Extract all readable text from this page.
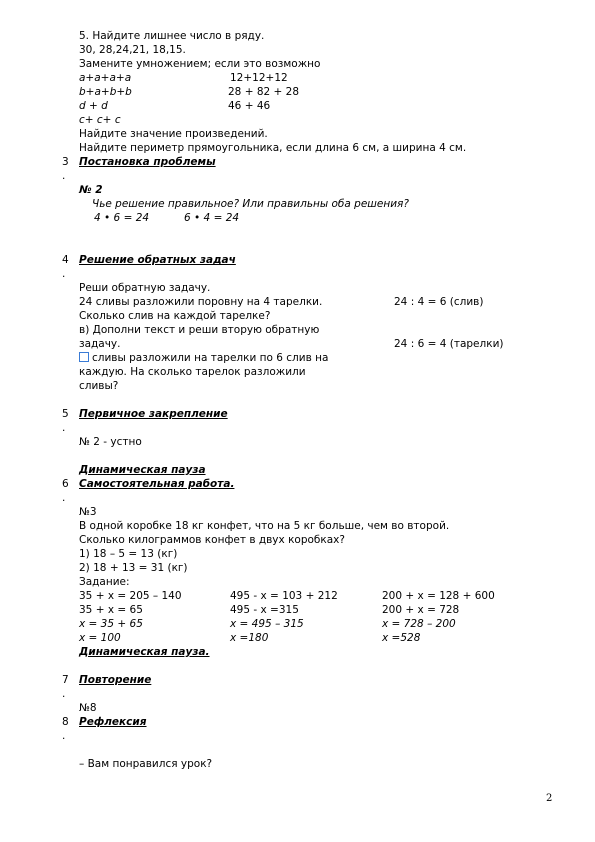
5. Найдите лишнее число в ряду.
30, 28,24,21, 18,15.
Замените умножением; если это возможно
a+a+a+a	12+12+12
b+a+b+b	28 + 82 + 28
d + d	46 + 46
c+ c+ c
Найдите значение произведений.
Найдите периметр прямоугольника, если длина 6 см, а ширина 4 см.
3
.
Постановка проблемы
№ 2
Чье решение правильное? Или правильны оба решения?
4 • 6 = 24	6 • 4 = 24
4
.
Решение обратных задач
Реши обратную задачу.
24 сливы разложили поровну на 4 тарелки.	24 : 4 = 6 (слив)
Сколько слив на каждой тарелке?
в) Дополни текст и реши вторую обратную
задачу.	24 : 6 = 4 (тарелки)
сливы разложили на тарелки по 6 слив на
каждую. На сколько тарелок разложили
сливы?
5
.
Первичное закрепление
№ 2 - устно
Динамическая пауза
6
.
Самостоятельная работа.
№3
В одной коробке 18 кг конфет, что на 5 кг больше, чем во второй.
Сколько килограммов конфет в двух коробках?
1) 18 – 5 = 13 (кг)
2) 18 + 13 = 31 (кг)
Задание:
35 + x = 205 – 140	495 - x = 103 + 212	200 + x = 128 + 600
35 + x = 65	495 - x =315	200 + x = 728
x = 35 + 65	x = 495 – 315	x = 728 – 200
x = 100	x =180	x =528
Динамическая пауза.
7
.
Повторение
№8
8
.
Рефлексия
– Вам понравился урок?
2
